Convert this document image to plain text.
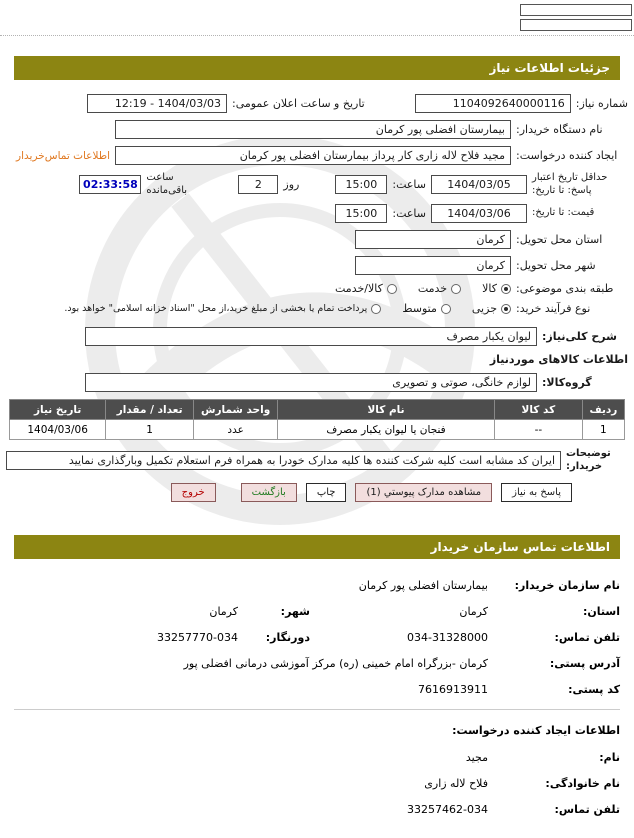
جزئیات اطلاعات نیاز
شماره نیاز:
1104092640000116
تاریخ و ساعت اعلان عمومی:
1404/03/03 - 12:19
نام دستگاه خریدار:
بیمارستان افضلی پور کرمان
ایجاد کننده درخواست:
مجید فلاح لاله زاری کار پرداز بیمارستان افضلی پور کرمان
اطلاعات تماس‌خریدار
حداقل تاریخ اعتبار پاسخ: تا تاریخ:
1404/03/05
ساعت:
15:00
روز
2
ساعت باقی‌مانده
02:33:58
قیمت: تا تاریخ:
1404/03/06
ساعت:
15:00
استان محل تحویل:
کرمان
شهر محل تحویل:
کرمان
طبقه بندی موضوعی:
کالا
خدمت
کالا/خدمت
نوع فرآیند خرید:
جزیی
متوسط
پرداخت تمام یا بخشی از مبلغ خرید،از محل "اسناد خزانه اسلامی" خواهد بود.
شرح کلی‌نیاز:
لیوان یکبار مصرف
اطلاعات کالاهای موردنیاز
گروه‌کالا:
لوازم خانگی، صوتی و تصویری
ردیف	کد کالا	نام کالا	واحد شمارش	تعداد / مقدار	تاریخ نیاز
1	--	فنجان یا لیوان یکبار مصرف	عدد	1	1404/03/06
توضیحات خریدار:
ایران کد مشابه است کلیه شرکت کننده ها کلیه مدارک خودرا به همراه فرم استعلام تکمیل وبارگذاری نمایید
پاسخ به نیاز
مشاهده مدارک پیوستي (1)
چاپ
بازگشت
خروج
اطلاعات تماس سازمان خریدار
نام سازمان خریدار:
بیمارستان افضلی پور کرمان
استان:
کرمان
شهر:
کرمان
تلفن تماس:
034-31328000
دورنگار:
33257770-034
آدرس پستی:
کرمان -بزرگراه امام خمینی (ره) مرکز آموزشی درمانی افضلی پور
کد پستی:
7616913911
اطلاعات ایجاد کننده درخواست:
نام:
مجید
نام خانوادگی:
فلاح لاله زاری
تلفن تماس:
33257462-034
